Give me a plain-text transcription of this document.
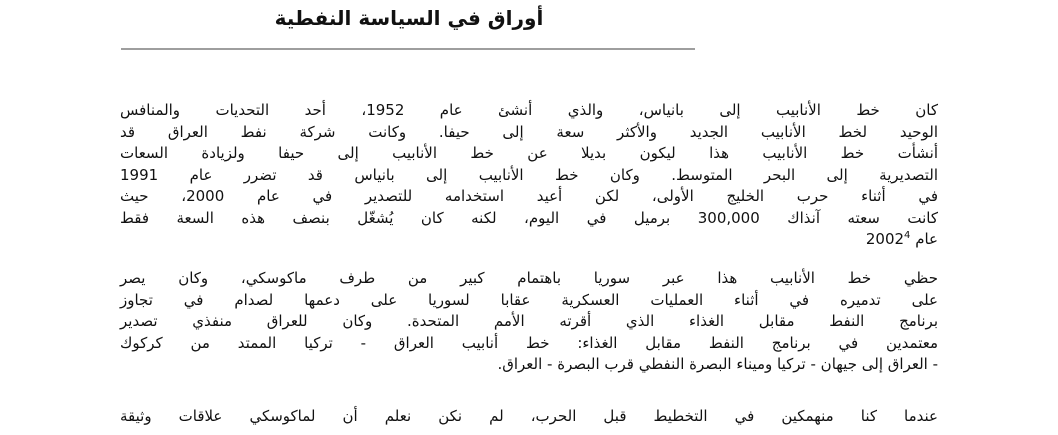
أوراق في السياسة النفطية
كان خط الأنابيب إلى بانياس، والذي أنشئ عام 1952، أحد التحديات والمنافس
الوحيد لخط الأنابيب الجديد والأكثر سعة إلى حيفا. وكانت شركة نفط العراق قد
أنشأت خط الأنابيب هذا ليكون بديلا عن خط الأنابيب إلى حيفا ولزيادة السعات
التصديرية إلى البحر المتوسط. وكان خط الأنابيب إلى بانياس قد تضرر عام 1991
في أثناء حرب الخليج الأولى، لكن أعيد استخدامه للتصدير في عام 2000، حيث
كانت سعته آنذاك 300,000 برميل في اليوم، لكنه كان يُشغّل بنصف هذه السعة فقط
عام 2002$^4$
حظي خط الأنابيب هذا عبر سوريا باهتمام كبير من طرف ماكوسكي، وكان يصر
على تدميره في أثناء العمليات العسكرية عقابا لسوريا على دعمها لصدام في تجاوز
برنامج النفط مقابل الغذاء الذي أقرته الأمم المتحدة. وكان للعراق منفذي تصدير
معتمدين في برنامج النفط مقابل الغذاء: خط أنابيب العراق - تركيا الممتد من كركوك
- العراق إلى جيهان - تركيا وميناء البصرة النفطي قرب البصرة - العراق.
عندما كنا منهمكين في التخطيط قبل الحرب، لم نكن نعلم أن لماكوسكي علاقات وثيقة
